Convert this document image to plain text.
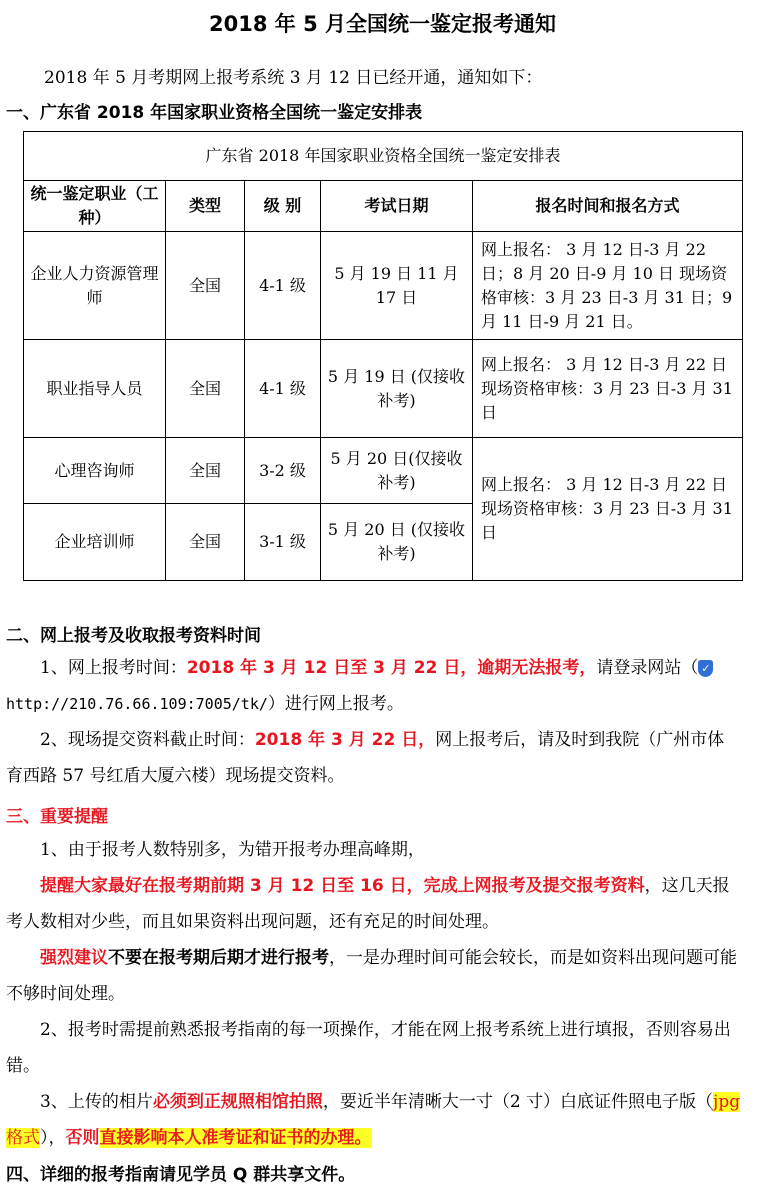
2018 年 5 月全国统一鉴定报考通知
2018 年 5 月考期网上报考系统 3 月 12 日已经开通，通知如下：
一、广东省 2018 年国家职业资格全国统一鉴定安排表
广东省 2018 年国家职业资格全国统一鉴定安排表				
统一鉴定职业（工种）	类型	级 别	考试日期	报名时间和报名方式
企业人力资源管理师	全国	4-1 级	5 月 19 日 11 月 17 日	网上报名： 3 月 12 日-3 月 22 日；8 月 20 日-9 月 10 日 现场资格审核：3 月 23 日-3 月 31 日；9 月 11 日-9 月 21 日。
职业指导人员	全国	4-1 级	5 月 19 日 (仅接收补考)	网上报名： 3 月 12 日-3 月 22 日 现场资格审核：3 月 23 日-3 月 31 日
心理咨询师	全国	3-2 级	5 月 20 日(仅接收补考)	网上报名： 3 月 12 日-3 月 22 日 现场资格审核：3 月 23 日-3 月 31 日
企业培训师	全国	3-1 级	5 月 20 日 (仅接收补考)	
二、网上报考及收取报考资料时间
1、网上报考时间：2018 年 3 月 12 日至 3 月 22 日，逾期无法报考，请登录网站（ ✓http://210.76.66.109:7005/tk/）进行网上报考。
2、现场提交资料截止时间：2018 年 3 月 22 日，网上报考后，请及时到我院（广州市体育西路 57 号红盾大厦六楼）现场提交资料。
三、重要提醒
1、由于报考人数特别多，为错开报考办理高峰期，
提醒大家最好在报考期前期 3 月 12 日至 16 日，完成上网报考及提交报考资料，这几天报考人数相对少些，而且如果资料出现问题，还有充足的时间处理。
强烈建议不要在报考期后期才进行报考，一是办理时间可能会较长，而是如资料出现问题可能不够时间处理。
2、报考时需提前熟悉报考指南的每一项操作，才能在网上报考系统上进行填报，否则容易出错。
3、上传的相片必须到正规照相馆拍照，要近半年清晰大一寸（2 寸）白底证件照电子版（jpg 格式），否则直接影响本人准考证和证书的办理。
四、详细的报考指南请见学员 Q 群共享文件。
